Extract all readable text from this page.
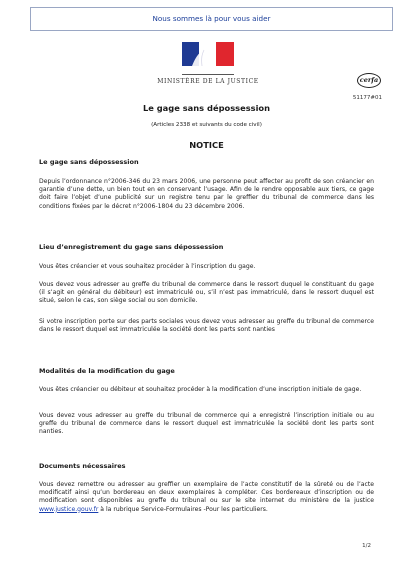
Nous sommes là pour vous aider
MINISTÈRE DE LA JUSTICE	cerfa
51177#01
Le gage sans dépossession
(Articles 2338 et suivants du code civil)
NOTICE
Le gage sans dépossession
Depuis l’ordonnance n°2006-346 du 23 mars 2006, une personne peut affecter au profit de son créancier en garantie d’une dette, un bien tout en en conservant l’usage. Afin de le rendre opposable aux tiers, ce gage doit faire l’objet d’une publicité sur un registre tenu par le greffier du tribunal de commerce dans les conditions fixées par le décret n°2006-1804 du 23 décembre 2006.
Lieu d’enregistrement du gage sans dépossession
Vous êtes créancier et vous souhaitez procéder à l’inscription du gage.
Vous devez vous adresser au greffe du tribunal de commerce dans le ressort duquel le constituant du gage (il s’agit en général du débiteur) est immatriculé ou, s’il n’est pas immatriculé, dans le ressort duquel est situé, selon le cas, son siège social ou son domicile.
Si votre inscription porte sur des parts sociales vous devez vous adresser au greffe du tribunal de commerce dans le ressort duquel est immatriculée la société dont les parts sont nanties
Modalités de la modification du gage
Vous êtes créancier ou débiteur et souhaitez procéder à la modification d’une inscription initiale de gage.
Vous devez vous adresser au greffe du tribunal de commerce qui a enregistré l’inscription initiale ou au greffe du tribunal de commerce dans le ressort duquel est immatriculée la société dont les parts sont nanties.
Documents nécessaires
Vous devez remettre ou adresser au greffier un exemplaire de l’acte constitutif de la sûreté ou de l’acte modificatif ainsi qu’un bordereau en deux exemplaires à compléter. Ces bordereaux d’inscription ou de modification sont disponibles au greffe du tribunal ou sur le site internet du ministère de la justice www.justice.gouv.fr à la rubrique Service-Formulaires -Pour les particuliers.
1/2
